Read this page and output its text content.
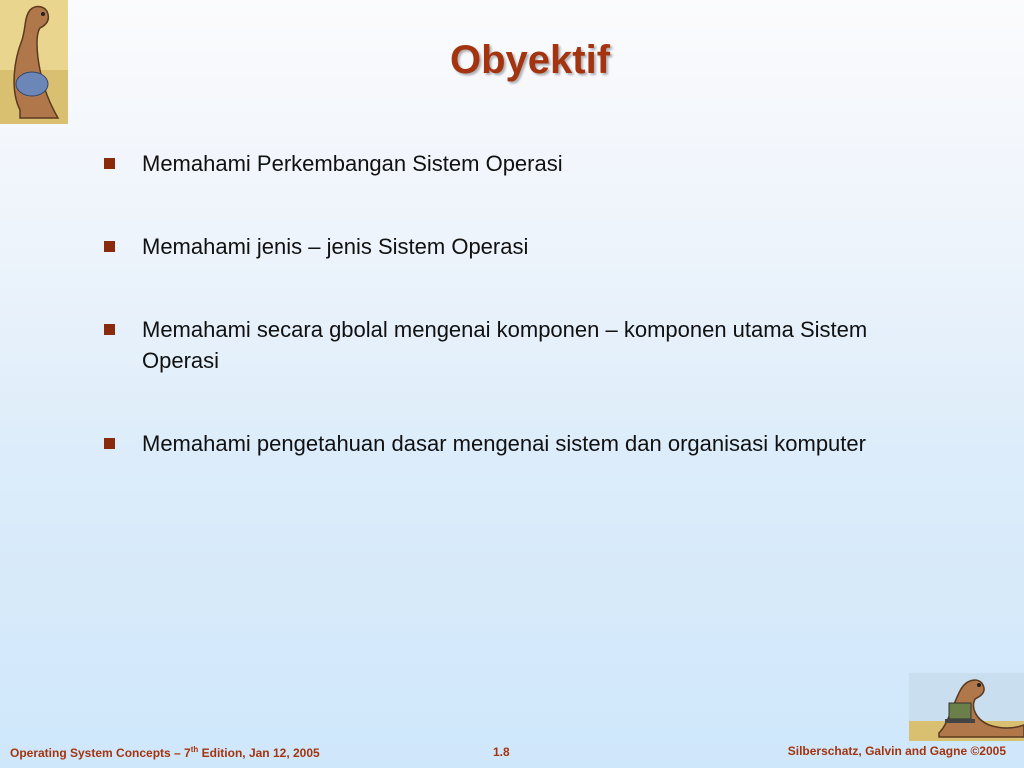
Obyektif
Memahami Perkembangan Sistem Operasi
Memahami jenis – jenis Sistem Operasi
Memahami secara gbolal mengenai komponen – komponen utama Sistem Operasi
Memahami pengetahuan dasar mengenai sistem dan organisasi komputer
Operating System Concepts – 7th Edition, Jan 12, 2005	1.8	Silberschatz, Galvin and Gagne ©2005
